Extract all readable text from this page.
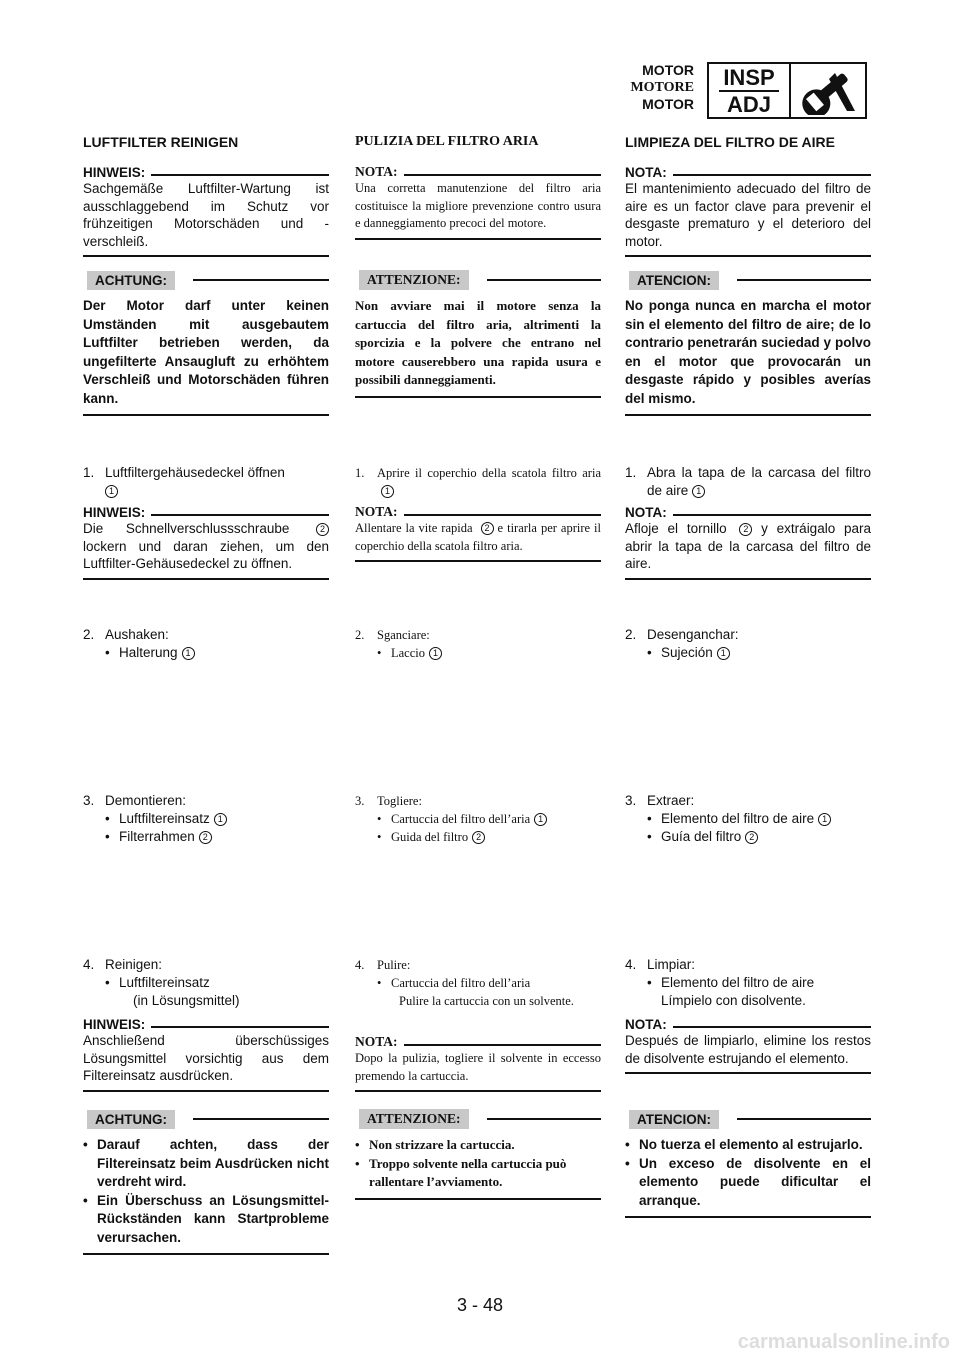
MOTOR
MOTORE
MOTOR
INSP
ADJ
LUFTFILTER REINIGEN
HINWEIS:
Sachgemäße Luftfilter-Wartung ist ausschlaggebend im Schutz vor frühzeitigen Motorschäden und -verschleiß.
ACHTUNG:
Der Motor darf unter keinen Umständen mit ausgebautem Luftfilter betrieben werden, da ungefilterte Ansaugluft zu erhöhtem Verschleiß und Motorschäden führen kann.
1. Luftfiltergehäusedeckel öffnen
1
HINWEIS:
Die Schnellverschlussschraube	2 lockern und daran ziehen, um den Luftfilter-Gehäusedeckel zu öffnen.
2. Aushaken:
• Halterung 1
3. Demontieren:
• Luftfiltereinsatz 1
• Filterrahmen 2
4. Reinigen:
• Luftfiltereinsatz
(in Lösungsmittel)
HINWEIS:
Anschließend überschüssiges Lösungsmittel vorsichtig aus dem Filtereinsatz ausdrücken.
ACHTUNG:
• Darauf achten, dass der Filtereinsatz beim Ausdrücken nicht verdreht wird.
• Ein Überschuss an Lösungsmittel-Rückständen kann Startprobleme verursachen.
PULIZIA DEL FILTRO ARIA
NOTA:
Una corretta manutenzione del filtro aria costituisce la migliore prevenzione contro usura e danneggiamento precoci del motore.
ATTENZIONE:
Non avviare mai il motore senza la cartuccia del filtro aria, altrimenti la sporcizia e la polvere che entrano nel motore causerebbero una rapida usura e possibili danneggiamenti.
1.	Aprire il coperchio della scatola filtro aria1
NOTA:
Allentare la vite rapida 2 e tirarla per aprire il coperchio della scatola filtro aria.
2.	Sganciare:
• Laccio 1
3.	Togliere:
• Cartuccia del filtro dell’aria 1
• Guida del filtro 2
4.	Pulire:
• Cartuccia del filtro dell’aria
Pulire la cartuccia con un solvente.
NOTA:
Dopo la pulizia, togliere il solvente in eccesso premendo la cartuccia.
ATTENZIONE:
• Non strizzare la cartuccia.
• Troppo solvente nella cartuccia può rallentare l’avviamento.
LIMPIEZA DEL FILTRO DE AIRE
NOTA:
El mantenimiento adecuado del filtro de aire es un factor clave para prevenir el desgaste prematuro y el deterioro del motor.
ATENCION:
No ponga nunca en marcha el motor sin el elemento del filtro de aire; de lo contrario penetrarán suciedad y polvo en el motor que provocarán un desgaste rápido y posibles averías del mismo.
1. Abra la tapa de la carcasa del filtro de aire 1
NOTA:
Afloje el tornillo 2 y extráigalo para abrir la tapa de la carcasa del filtro de aire.
2. Desenganchar:
• Sujeción 1
3. Extraer:
• Elemento del filtro de aire 1
• Guía del filtro 2
4. Limpiar:
• Elemento del filtro de aire
Límpielo con disolvente.
NOTA:
Después de limpiarlo, elimine los restos de disolvente estrujando el elemento.
ATENCION:
• No tuerza el elemento al estrujarlo.
• Un exceso de disolvente en el elemento puede dificultar el arranque.
3 - 48
carmanualsonline.info
